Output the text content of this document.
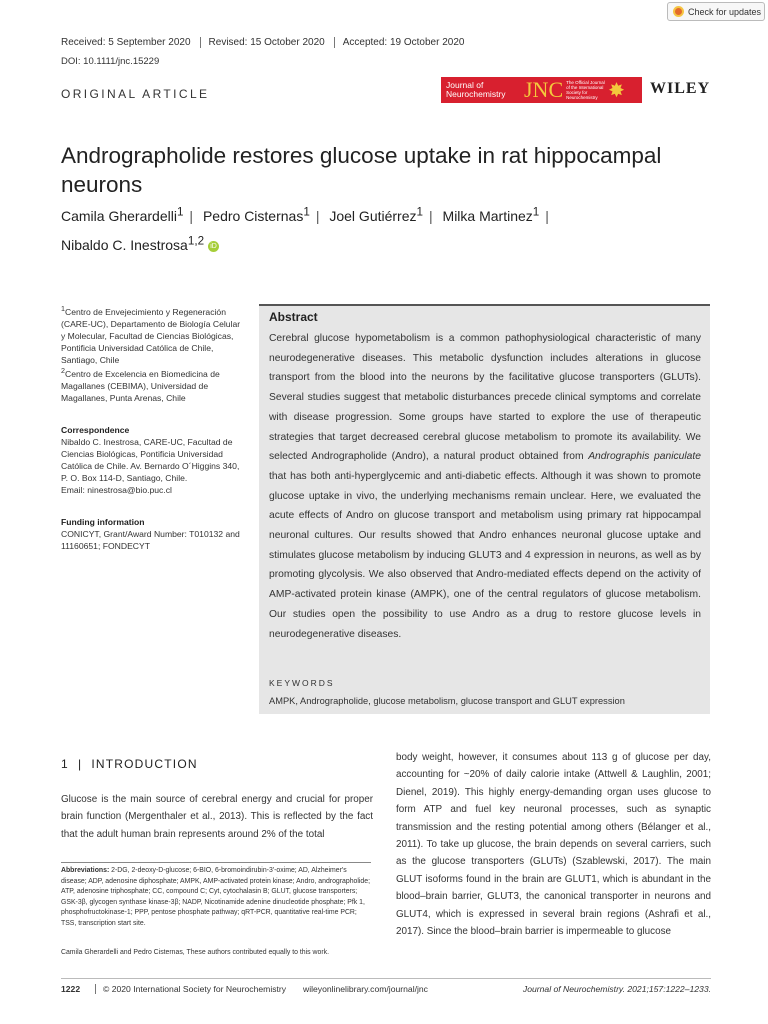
Check for updates
Received: 5 September 2020	Revised: 15 October 2020	Accepted: 19 October 2020
DOI: 10.1111/jnc.15229
ORIGINAL ARTICLE
Journal of
Neurochemistry JNC The Official Journal of the International Society for Neurochemistry ✸ WILEY
Andrographolide restores glucose uptake in rat hippocampal neurons
Camila Gherardelli$^1$ | Pedro Cisternas$^1$ | Joel Gutiérrez$^1$ | Milka Martinez$^1$ |
Nibaldo C. Inestrosa$^{1,2}$ iD
$^1$Centro de Envejecimiento y Regeneración (CARE-UC), Departamento de Biología Celular y Molecular, Facultad de Ciencias Biológicas, Pontificia Universidad Católica de Chile, Santiago, Chile
$^2$Centro de Excelencia en Biomedicina de Magallanes (CEBIMA), Universidad de Magallanes, Punta Arenas, Chile
Correspondence
Nibaldo C. Inestrosa, CARE-UC, Facultad de Ciencias Biológicas, Pontificia Universidad Católica de Chile. Av. Bernardo O´Higgins 340, P. O. Box 114-D, Santiago, Chile.
Email: ninestrosa@bio.puc.cl
Funding information
CONICYT, Grant/Award Number: T010132 and 11160651; FONDECYT
Abstract
Cerebral glucose hypometabolism is a common pathophysiological characteristic of many neurodegenerative diseases. This metabolic dysfunction includes alterations in glucose transport from the blood into the neurons by the facilitative glucose transporters (GLUTs). Several studies suggest that metabolic disturbances precede clinical symptoms and correlate with disease progression. Some groups have started to explore the use of therapeutic strategies that target decreased cerebral glucose metabolism to promote its availability. We selected Andrographolide (Andro), a natural product obtained from Andrographis paniculate that has both anti-hyperglycemic and anti-diabetic effects. Although it was shown to promote glucose uptake in vivo, the underlying mechanisms remain unclear. Here, we evaluated the acute effects of Andro on glucose transport and metabolism using primary rat hippocampal neuronal cultures. Our results showed that Andro enhances neuronal glucose uptake and stimulates glucose metabolism by inducing GLUT3 and 4 expression in neurons, as well as by promoting glycolysis. We also observed that Andro-mediated effects depend on the activity of AMP-activated protein kinase (AMPK), one of the central regulators of glucose metabolism. Our studies open the possibility to use Andro as a drug to restore glucose levels in neurodegenerative diseases.
KEYWORDS
AMPK, Andrographolide, glucose metabolism, glucose transport and GLUT expression
1  |  INTRODUCTION
Glucose is the main source of cerebral energy and crucial for proper brain function (Mergenthaler et al., 2013). This is reflected by the fact that the adult human brain represents around 2% of the total
body weight, however, it consumes about 113 g of glucose per day, accounting for ~20% of daily calorie intake (Attwell & Laughlin, 2001; Dienel, 2019). This highly energy-demanding organ uses glucose to form ATP and fuel key neuronal processes, such as synaptic transmission and the resting potential among others (Bélanger et al., 2011). To take up glucose, the brain depends on several carriers, such as the glucose transporters (GLUTs) (Szablewski, 2017). The main GLUT isoforms found in the brain are GLUT1, which is abundant in the blood–brain barrier, GLUT3, the canonical transporter in neurons and GLUT4, which is expressed in several brain regions (Ashrafi et al., 2017). Since the blood–brain barrier is impermeable to glucose
Abbreviations: 2-DG, 2-deoxy-D-glucose; 6-BIO, 6-bromoindirubin-3'-oxime; AD, Alzheimer's disease; ADP, adenosine diphosphate; AMPK, AMP-activated protein kinase; Andro, andrographolide; ATP, adenosine triphosphate; CC, compound C; Cyt, cytochalasin B; GLUT, glucose transporters; GSK-3β, glycogen synthase kinase-3β; NADP, Nicotinamide adenine dinucleotide phosphate; Pfk 1, phosphofructokinase-1; PPP, pentose phosphate pathway; qRT-PCR, quantitative real-time PCR; TSS, transcription start site.
Camila Gherardelli and Pedro Cisternas, These authors contributed equally to this work.
1222	© 2020 International Society for Neurochemistry	wileyonlinelibrary.com/journal/jnc	Journal of Neurochemistry. 2021;157:1222–1233.
